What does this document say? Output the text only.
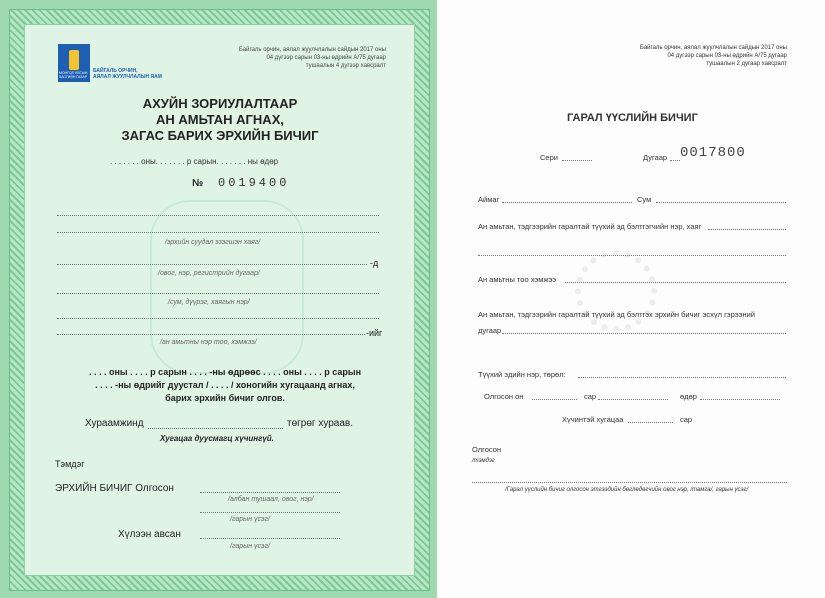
МОНГОЛ УЛСЫН
ЗАСГИЙН ГАЗАР
БАЙГАЛЬ ОРЧИН,
АЯЛАЛ ЖУУЛЧЛАЛЫН ЯАМ
Байгаль орчин, аялал жуулчлалын сайдын 2017 оны
04 дүгээр сарын 03-ны өдрийн А/75 дугаар
тушаалын 4 дүгээр хавсралт
АХУЙН ЗОРИУЛАЛТААР
АН АМЬТАН АГНАХ,
ЗАГАС БАРИХ ЭРХИЙН БИЧИГ
. . . . . . . оны. . . . . . . р сарын. . . . . . . ны өдөр
№ 0019400
/эрхийн суудал эзэгшэн хаяг/
-д
/овог, нэр, регистрийн дугаар/
/сум, дүүрэг, хаягын нэр/
-ийг
/ан амьтны нэр тоо, хэмжээ/
. . . . оны . . . . р сарын . . . . -ны өдрөөс . . . . оны . . . . р сарын
. . . . -ны өдрийг дуустал / . . . . / хоногийн хугацаанд агнах,
барих эрхийн бичиг олгов.
Хураамжинд	төгрөг хураав.
Хугацаа дуусмагц хүчингүй.
Тэмдэг
ЭРХИЙН БИЧИГ Олгосон
/албан тушаал, овог, нэр/
/гарын үсэг/
Хүлээн авсан
/гарын үсэг/
Байгаль орчин, аялал жуулчлалын сайдын 2017 оны
04 дүгээр сарын 03-ны өдрийн А/75 дугаар
тушаалын 2 дугаар хавсралт
ГАРАЛ ҮҮСЛИЙН БИЧИГ
Сери	Дугаар 0017800
Аймаг	Сум
Ан амьтан, тэдгээрийн гаралтай түүхий эд бэлтгэгчийн нэр, хаяг
Ан амьтны тоо хэмжээ
Ан амьтан, тэдгээрийн гаралтай түүхий эд бэлтгэх эрхийн бичиг эсхүл гэрээний
дугаар
Түүхий эдийн нэр, төрөл:
Олгосон он	сар	өдөр
Хүчинтэй хугацаа	сар
Олгосон
/тэмдэг
/Гарал үүслийн бичиг олгосон этгээдийн бөглөдөгчийн овог нэр, /тамга/, гарын үсэг/
